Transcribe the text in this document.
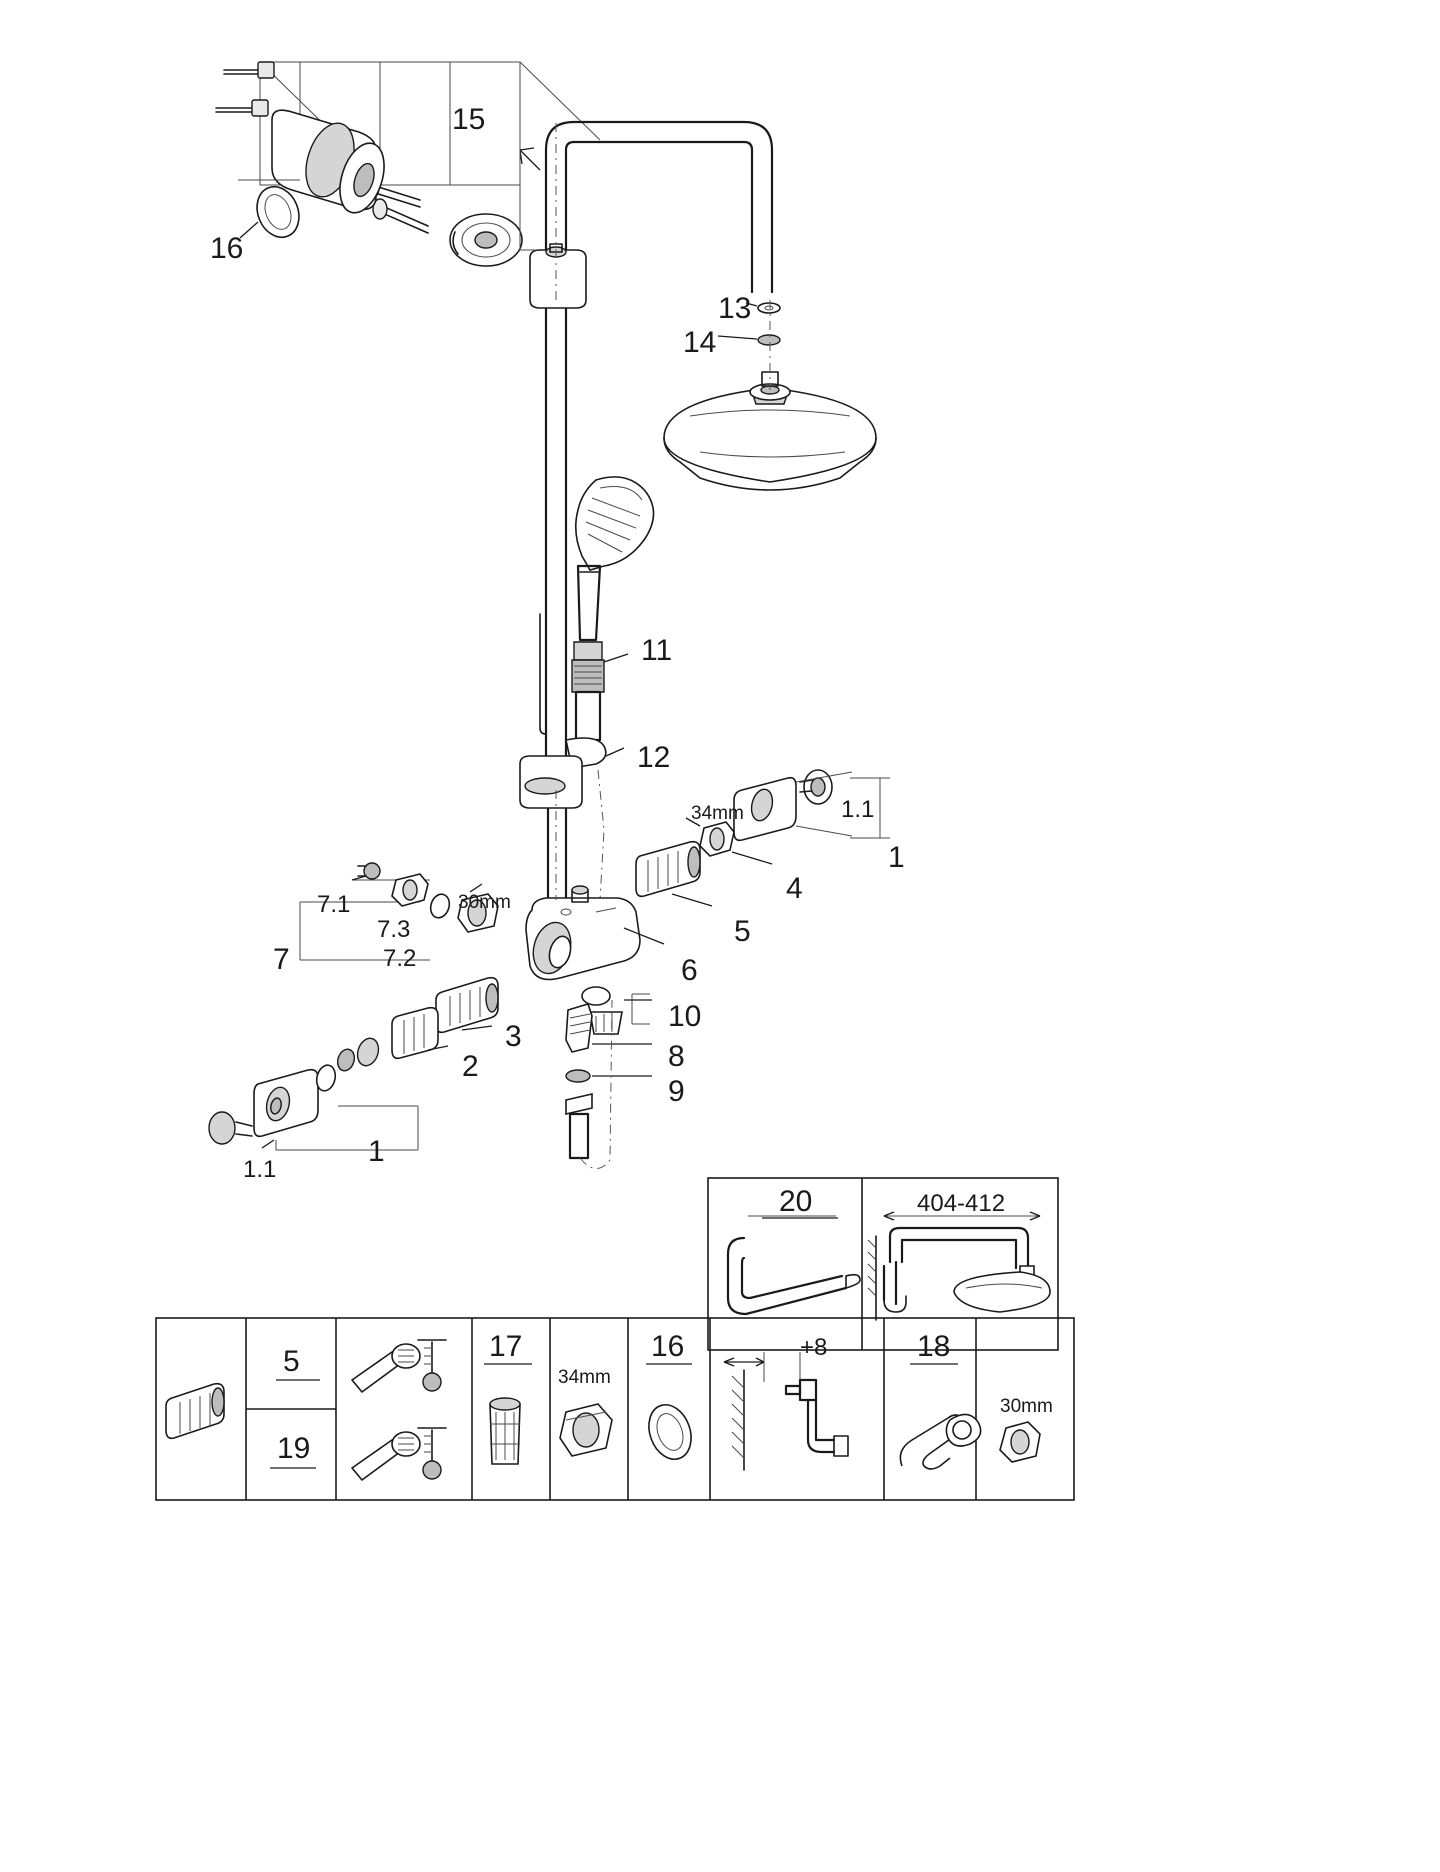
15
16
13
14
11
12
1
1.1
4
34mm
5
6
7
7.1
7.3
7.2
30mm
3
2
10
8
9
1
1.1
20	404-412
5
19
17
34mm
16	+8	18
30mm
